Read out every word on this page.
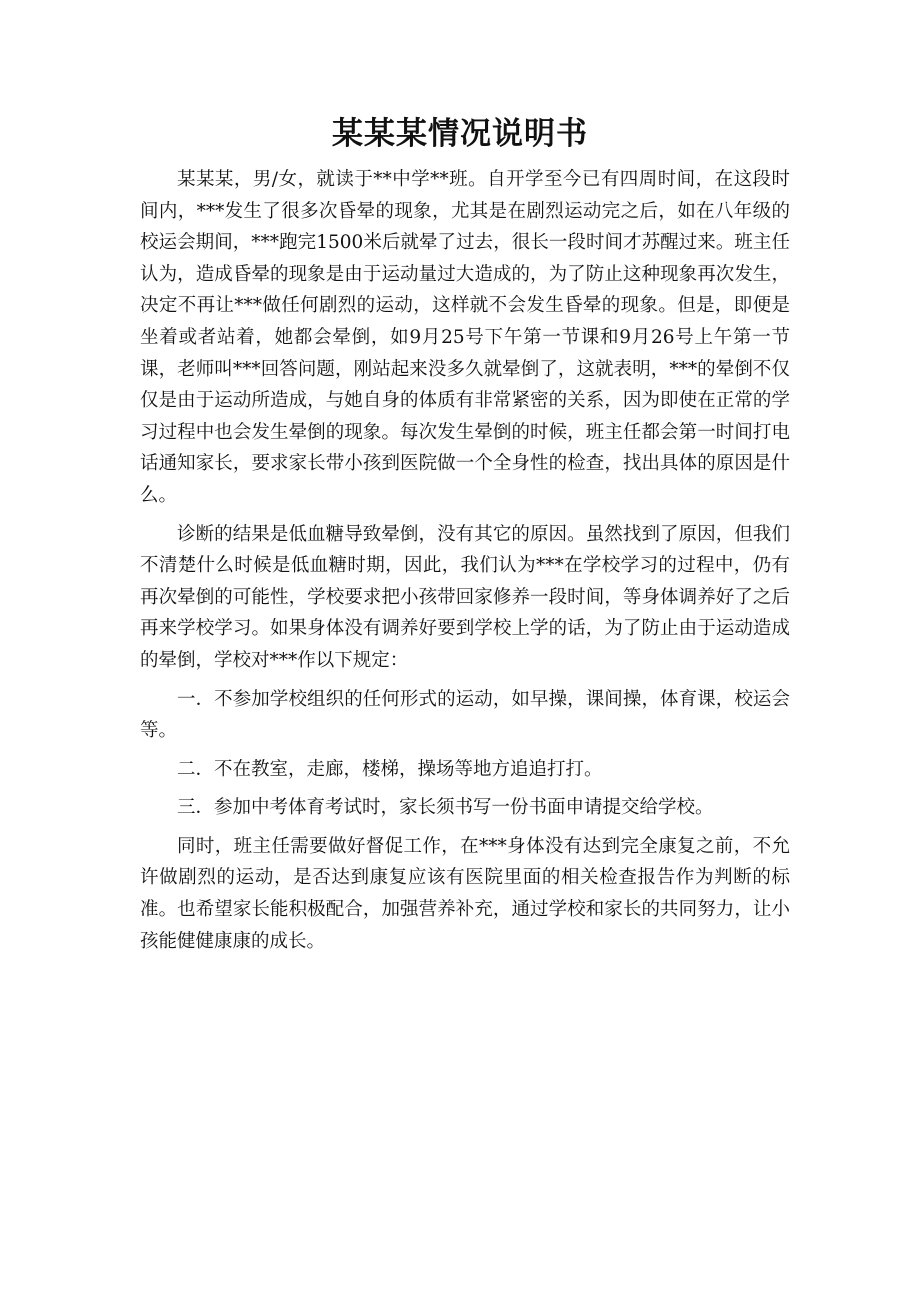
某某某情况说明书

某某某，男/女，就读于**中学**班。自开学至今已有四周时间，在这段时间内，***发生了很多次昏晕的现象，尤其是在剧烈运动完之后，如在八年级的校运会期间，***跑完1500米后就晕了过去，很长一段时间才苏醒过来。班主任认为，造成昏晕的现象是由于运动量过大造成的，为了防止这种现象再次发生，决定不再让***做任何剧烈的运动，这样就不会发生昏晕的现象。但是，即便是坐着或者站着，她都会晕倒，如9月25号下午第一节课和9月26号上午第一节课，老师叫***回答问题，刚站起来没多久就晕倒了，这就表明，***的晕倒不仅仅是由于运动所造成，与她自身的体质有非常紧密的关系，因为即使在正常的学习过程中也会发生晕倒的现象。每次发生晕倒的时候，班主任都会第一时间打电话通知家长，要求家长带小孩到医院做一个全身性的检查，找出具体的原因是什么。

诊断的结果是低血糖导致晕倒，没有其它的原因。虽然找到了原因，但我们不清楚什么时候是低血糖时期，因此，我们认为***在学校学习的过程中，仍有再次晕倒的可能性，学校要求把小孩带回家修养一段时间，等身体调养好了之后再来学校学习。如果身体没有调养好要到学校上学的话，为了防止由于运动造成的晕倒，学校对***作以下规定：

一．不参加学校组织的任何形式的运动，如早操，课间操，体育课，校运会等。

二．不在教室，走廊，楼梯，操场等地方追追打打。

三．参加中考体育考试时，家长须书写一份书面申请提交给学校。

同时，班主任需要做好督促工作，在***身体没有达到完全康复之前，不允许做剧烈的运动，是否达到康复应该有医院里面的相关检查报告作为判断的标准。也希望家长能积极配合，加强营养补充，通过学校和家长的共同努力，让小孩能健健康康的成长。
